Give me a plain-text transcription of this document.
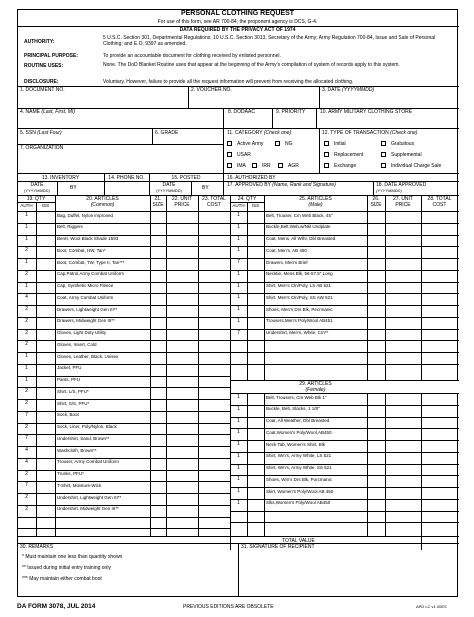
PERSONAL CLOTHING REQUEST
For use of this form, see AR 700-84; the proponent agency is DCS, G-4.
DATA REQUIRED BY THE PRIVACY ACT OF 1974
AUTHORITY:
5 U.S.C. Section 301, Departmental Regulations; 10 U.S.C. Section 3013, Secretary of the Army; Army Regulation 700-84, Issue and Sale of Personal Clothing; and E.O. 9397 as amended.
PRINCIPAL PURPOSE:	To provide an accountable document for clothing received by enlisted personnel.
ROUTINE USES:	None. The DoD Blanket Routine uses that appear at the beginning of the Army's compilation of system of records apply to this system.
DISCLOSURE:	Voluntary. However, failure to provide all the request information will prevent from receiving the allocated clothing.
1. DOCUMENT NO.	2. VOUCHER NO.	3. DATE (YYYYMMDD)
4. NAME (Last, First, MI)	8. DODAAC	9. PRIORITY	10. ARMY MILITARY CLOTHING STORE
5. SSN (Last Four)	6. GRADE	11. CATEGORY (Check one)	12. TYPE OF TRANSACTION (Check one)
7. ORGANIZATION
Active Army	NG
USAR
IMA	IRR	AGR
Initial	Gratuitous
Replacement	Supplemental
Exchange	Individual Charge Sale
13. INVENTORY	14. PHONE NO.	15. POSTED	16. AUTHORIZED BY
DATE
(YYYYMMDD)	BY	DATE
(YYYYMMDD)	BY	17. APPROVED BY (Name, Rank and Signature)	18. DATE APPROVED
(YYYYMMDD)
19. QTY
AUTH	ISS
20. ARTICLES
(Common)
21. SIZE
22. UNIT PRICE
23. TOTAL COST
24. QTY
AUTH	ISS
25. ARTICLES
(Male)
26. SIZE
27. UNIT PRICE
28. TOTAL COST
29. ARTICLES
(Female)
1	Bag, Duffel, Nylon improved
1	Belt, Riggers
1	Beret, Wool Black Shade 1593
2	Boot, Combat, HW, Tan*
1	Boot, Combat, TW, Type II, Tan***
2	Cap,Patrol,Army Combat Uniform
1	Cap, Synthetic Micro Fleece
4	Coat, Army Combat Uniform
2	Drawers, Lightweight Gen III**
2	Drawers, Midweight Gen III**
2	Gloves, Light Duty Utility
2	Gloves, Insert, Cold
1	Gloves, Leather, Black, Unisex
1	Jacket, PFU
1	Pants, PFU
2	Shirt, L/S, PFU*
2	Shirt, S/S, PFU*
7	Sock, Boot
2	Sock, Liner, Poly/Nylon, Black
7	Undershirt, Sand, Brown**
4	Washcloth, Brown**
4	Trouser, Army Combat Uniform
2	Trunks, PFU*
7	T-Shirt, Moisture-Wick
2	Undershirt, Lightweight Gen III**
2	Undershirt, Midweight Gen III**
1	Belt, Trouser, Cm Web Black, 45"
1	Buckle,Belt,Web,w/Nkl Undplate
1	Coat, Mens, All Wthr, Dbl Breasted
1	Coat, Men's, AB 450
7	Drawers, Men's Brief
1	Necktie, Mens Blk, 56-57.5" Long
1	Shirt, Men's Cln/Poly, LS AB 521
1	Shirt, Men's Cln/Poly, SS AW 521
1	Shoes, Men's Drs Blk, Pecrmanic
1	Trousers,Men's Poly/Wool AB451
7	Undershirt, Men's, White, Crn**
1	Belt, Trousers, Cm Web Blk 1"
1	Buckle, Belt, Slacks, 1 1/8"
1	Coat, All Weather, Dbl Breasted
1	Coat,Women's Poly/Wool,AB450
1	Neck Tab, Women's Shirt, Blk
1	Shirt, Wm's, Army White, LS 521
1	Shirt, Wm's, Army White, SS 521
1	Shoes, Wm's Drs Blk, Porcmanic
1	Skirt, Women's Poly/Wool AB 450
1	Slks,Women's Poly/Wool AB450
TOTAL VALUE
30. REMARKS
* Must maintain one less than quantity shown
** Issued during initial entry training only
*** May maintain either combat boot
31. SIGNATURE OF RECIPIENT
DA FORM 3078, JUL 2014	PREVIOUS EDITIONS ARE OBSOLETE	APD LC v1.00ES
